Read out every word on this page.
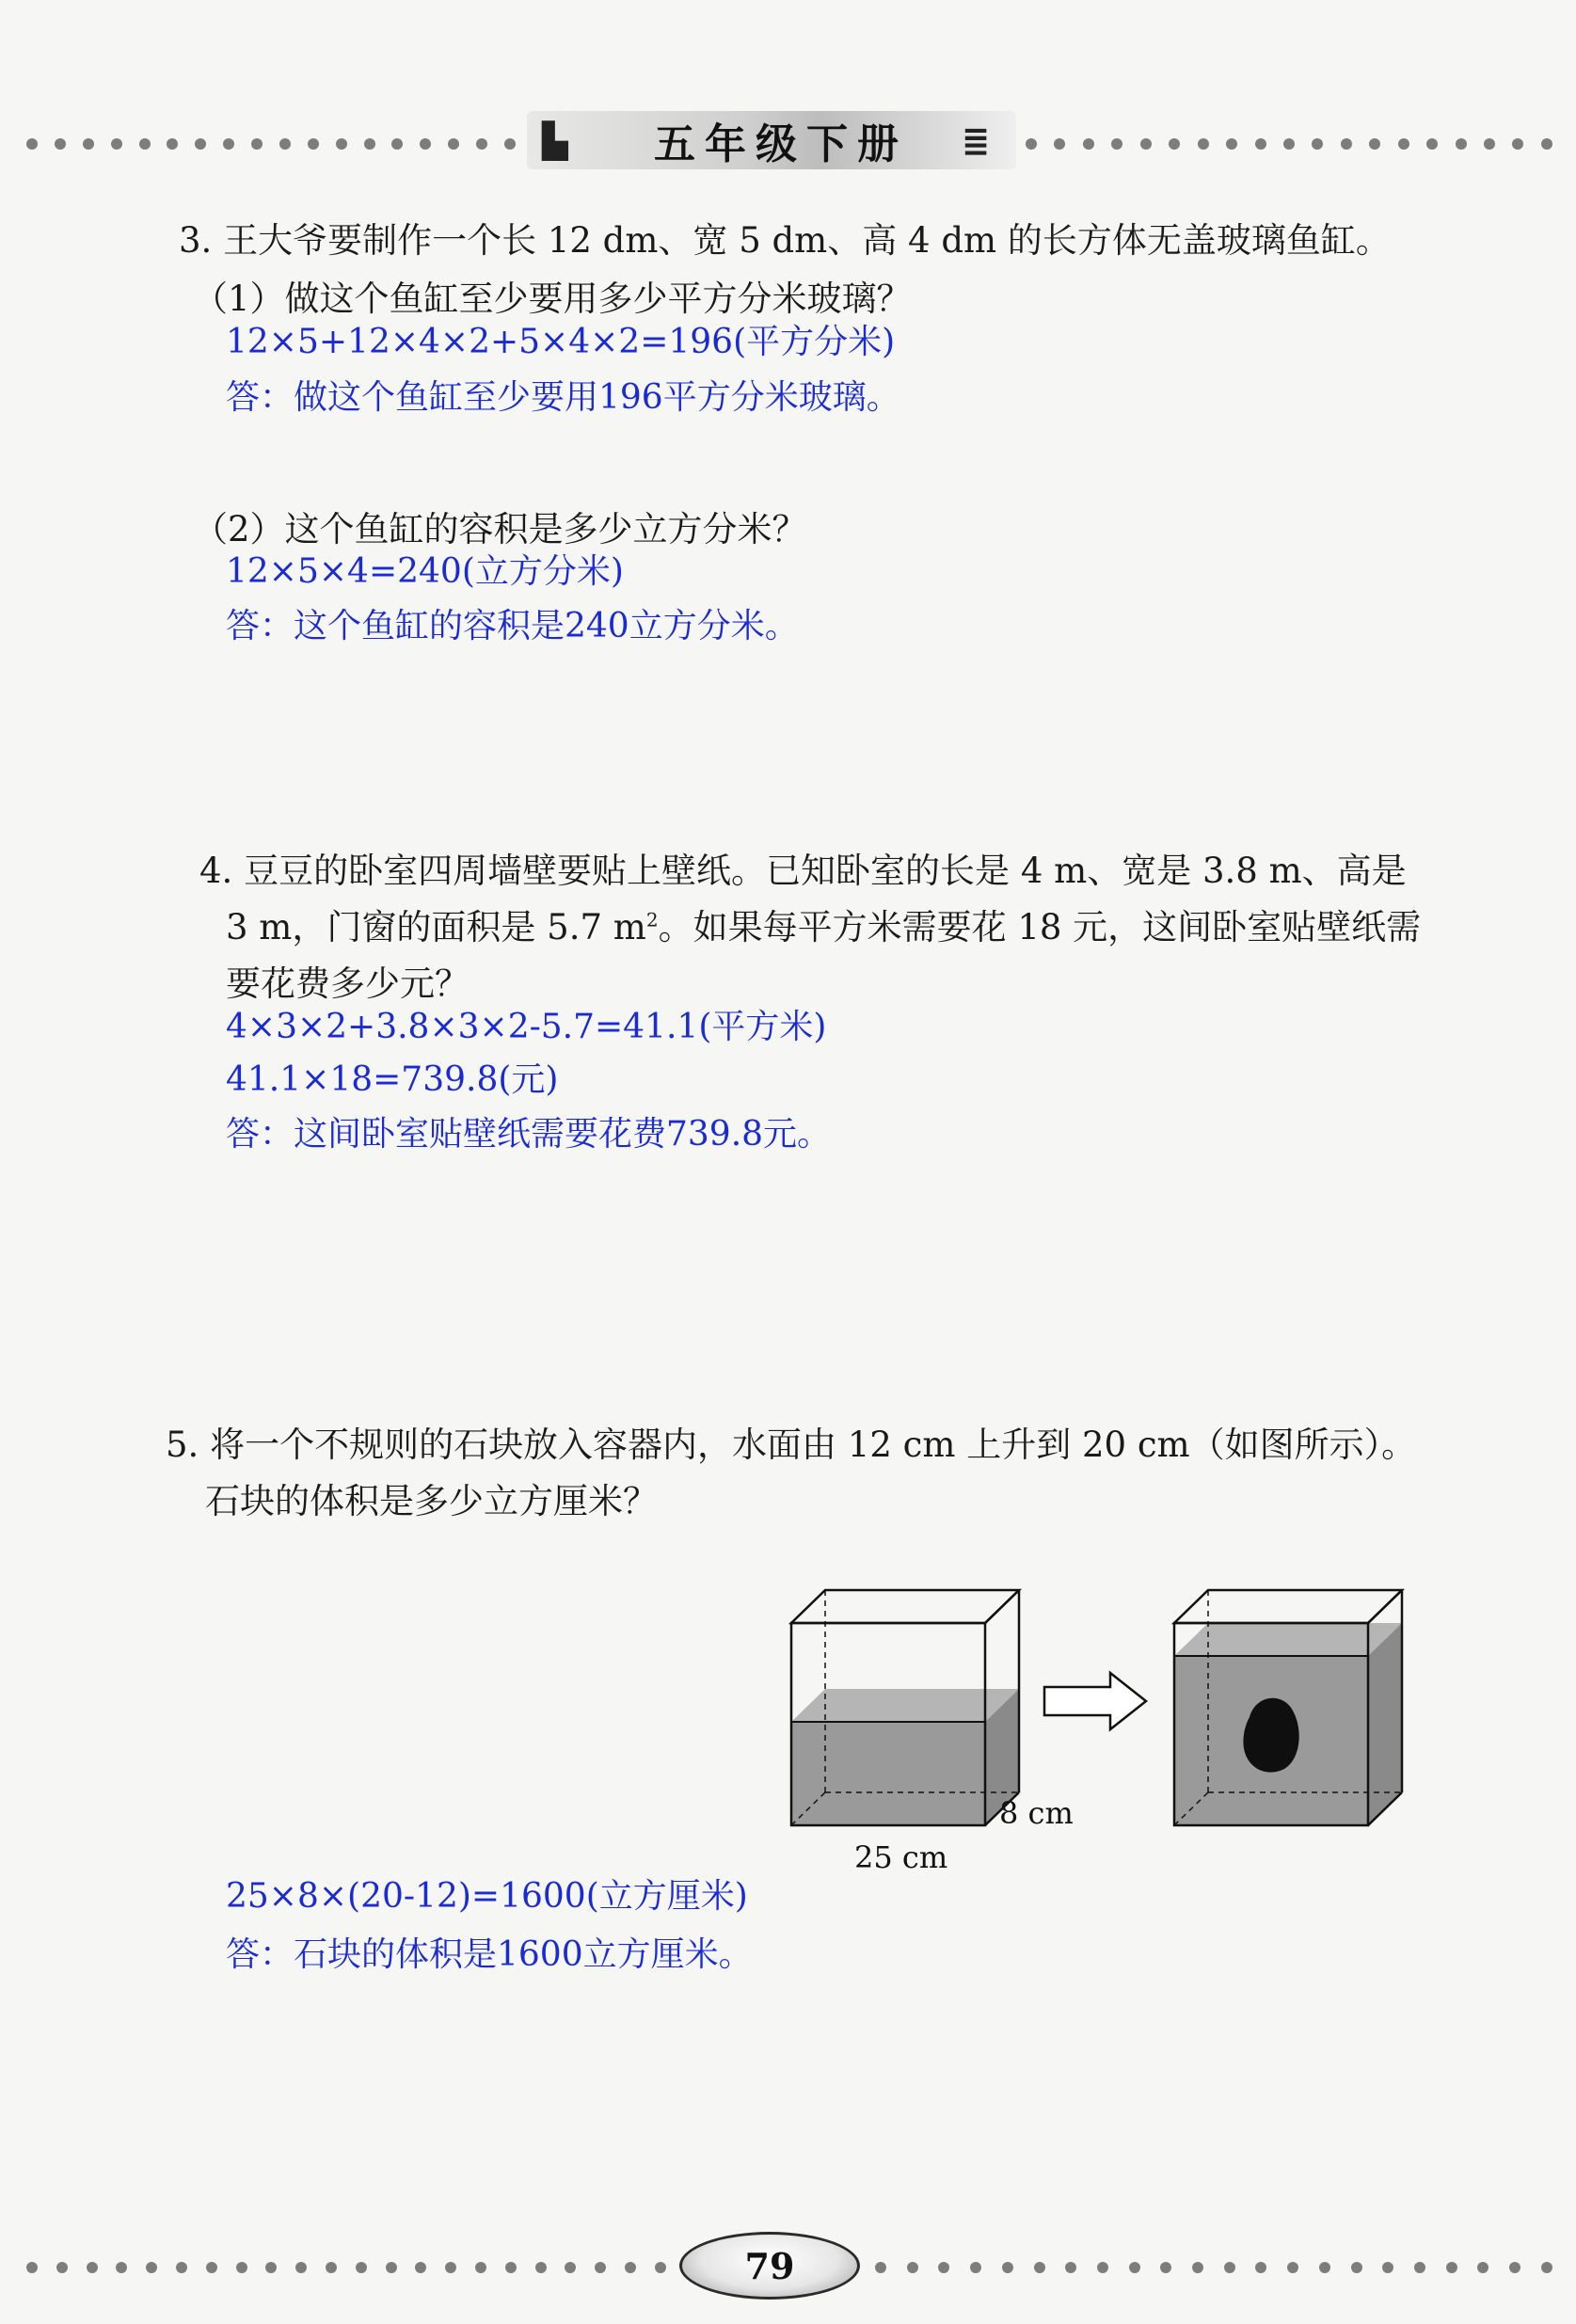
▙	五年级下册	≣
3. 王大爷要制作一个长 12 dm、宽 5 dm、高 4 dm 的长方体无盖玻璃鱼缸。
（1）做这个鱼缸至少要用多少平方分米玻璃？
12×5+12×4×2+5×4×2=196(平方分米)
答：做这个鱼缸至少要用196平方分米玻璃。
（2）这个鱼缸的容积是多少立方分米？
12×5×4=240(立方分米)
答：这个鱼缸的容积是240立方分米。
4. 豆豆的卧室四周墙壁要贴上壁纸。已知卧室的长是 4 m、宽是 3.8 m、高是
3 m，门窗的面积是 5.7 $m^2$。如果每平方米需要花 18 元，这间卧室贴壁纸需
要花费多少元？
4×3×2+3.8×3×2-5.7=41.1(平方米)
41.1×18=739.8(元)
答：这间卧室贴壁纸需要花费739.8元。
5. 将一个不规则的石块放入容器内，水面由 12 cm 上升到 20 cm（如图所示）。
石块的体积是多少立方厘米？
25 cm
8 cm
25×8×(20-12)=1600(立方厘米)
答：石块的体积是1600立方厘米。
79
